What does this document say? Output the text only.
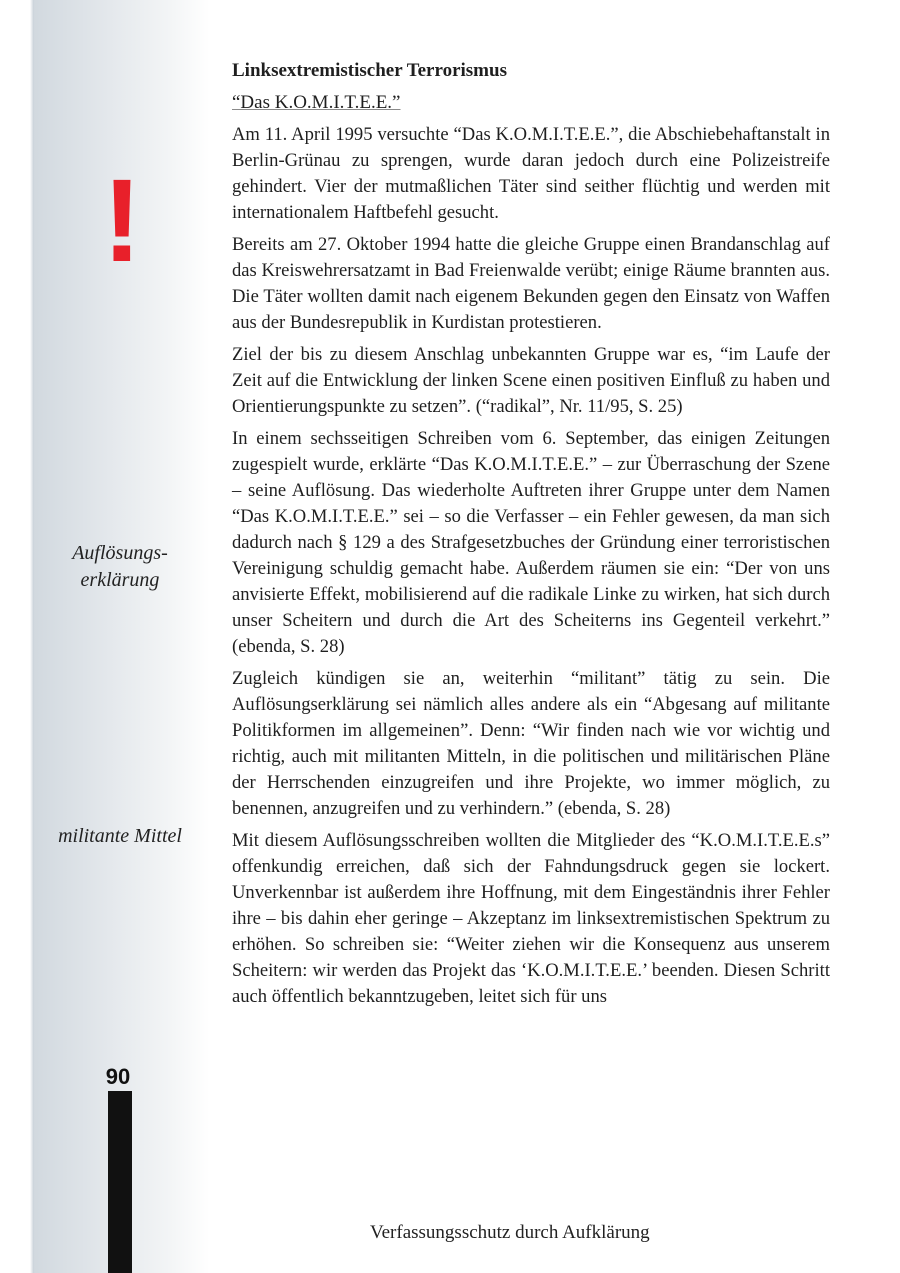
!
Auflösungs-
erklärung
militante Mittel
90
Linksextremistischer Terrorismus
“Das K.O.M.I.T.E.E.”

Am 11. April 1995 versuchte “Das K.O.M.I.T.E.E.”, die Abschiebehaftanstalt in Berlin-Grünau zu sprengen, wurde daran jedoch durch eine Polizeistreife gehindert. Vier der mutmaßlichen Täter sind seither flüchtig und werden mit internationalem Haftbefehl gesucht.

Bereits am 27. Oktober 1994 hatte die gleiche Gruppe einen Brandanschlag auf das Kreiswehrersatzamt in Bad Freienwalde verübt; einige Räume brannten aus. Die Täter wollten damit nach eigenem Bekunden gegen den Einsatz von Waffen aus der Bundesrepublik in Kurdistan protestieren.

Ziel der bis zu diesem Anschlag unbekannten Gruppe war es, “im Laufe der Zeit auf die Entwicklung der linken Scene einen positiven Einfluß zu haben und Orientierungspunkte zu setzen”. (“radikal”, Nr. 11/95, S. 25)

In einem sechsseitigen Schreiben vom 6. September, das einigen Zeitungen zugespielt wurde, erklärte “Das K.O.M.I.T.E.E.” – zur Überraschung der Szene – seine Auflösung. Das wiederholte Auftreten ihrer Gruppe unter dem Namen “Das K.O.M.I.T.E.E.” sei – so die Verfasser – ein Fehler gewesen, da man sich dadurch nach § 129 a des Strafgesetzbuches der Gründung einer terroristischen Vereinigung schuldig gemacht habe. Außerdem räumen sie ein: “Der von uns anvisierte Effekt, mobilisierend auf die radikale Linke zu wirken, hat sich durch unser Scheitern und durch die Art des Scheiterns ins Gegenteil verkehrt.” (ebenda, S. 28)

Zugleich kündigen sie an, weiterhin “militant” tätig zu sein. Die Auflösungserklärung sei nämlich alles andere als ein “Abgesang auf militante Politikformen im allgemeinen”. Denn: “Wir finden nach wie vor wichtig und richtig, auch mit militanten Mitteln, in die politischen und militärischen Pläne der Herrschenden einzugreifen und ihre Projekte, wo immer möglich, zu benennen, anzugreifen und zu verhindern.” (ebenda, S. 28)

Mit diesem Auflösungsschreiben wollten die Mitglieder des “K.O.M.I.T.E.E.s” offenkundig erreichen, daß sich der Fahndungsdruck gegen sie lockert. Unverkennbar ist außerdem ihre Hoffnung, mit dem Eingeständnis ihrer Fehler ihre – bis dahin eher geringe – Akzeptanz im linksextremistischen Spektrum zu erhöhen. So schreiben sie: “Weiter ziehen wir die Konsequenz aus unserem Scheitern: wir werden das Projekt das ‘K.O.M.I.T.E.E.’ beenden. Diesen Schritt auch öffentlich bekanntzugeben, leitet sich für uns

Verfassungsschutz durch Aufklärung
